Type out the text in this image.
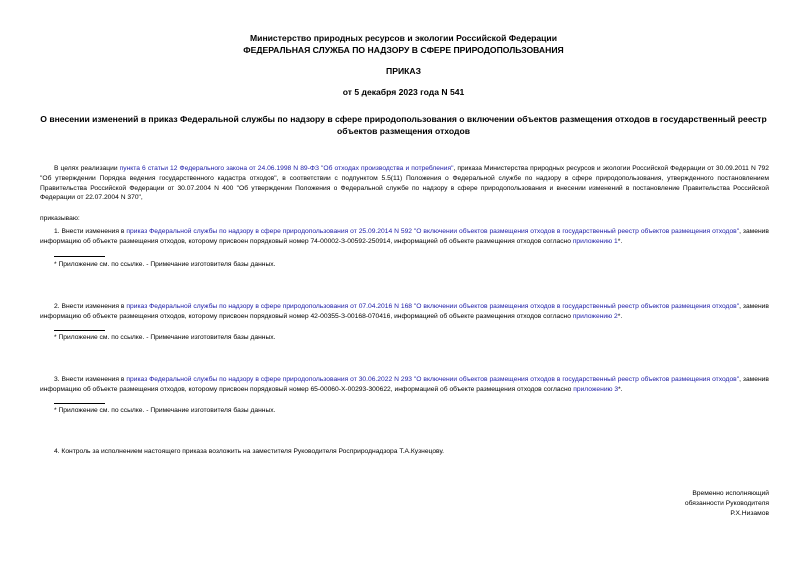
Министерство природных ресурсов и экологии Российской Федерации
ФЕДЕРАЛЬНАЯ СЛУЖБА ПО НАДЗОРУ В СФЕРЕ ПРИРОДОПОЛЬЗОВАНИЯ
ПРИКАЗ
от 5 декабря 2023 года N 541
О внесении изменений в приказ Федеральной службы по надзору в сфере природопользования о включении объектов размещения отходов в государственный реестр объектов размещения отходов
В целях реализации пункта 6 статьи 12 Федерального закона от 24.06.1998 N 89-ФЗ "Об отходах производства и потребления", приказа Министерства природных ресурсов и экологии Российской Федерации от 30.09.2011 N 792 "Об утверждении Порядка ведения государственного кадастра отходов", в соответствии с подпунктом 5.5(11) Положения о Федеральной службе по надзору в сфере природопользования, утвержденного постановлением Правительства Российской Федерации от 30.07.2004 N 400 "Об утверждении Положения о Федеральной службе по надзору в сфере природопользования и внесении изменений в постановление Правительства Российской Федерации от 22.07.2004 N 370",
приказываю:
1. Внести изменения в приказ Федеральной службы по надзору в сфере природопользования от 25.09.2014 N 592 "О включении объектов размещения отходов в государственный реестр объектов размещения отходов", заменив информацию об объекте размещения отходов, которому присвоен порядковый номер 74-00002-З-00592-250914, информацией об объекте размещения отходов согласно приложению 1*.
* Приложение см. по ссылке. - Примечание изготовителя базы данных.
2. Внести изменения в приказ Федеральной службы по надзору в сфере природопользования от 07.04.2016 N 168 "О включении объектов размещения отходов в государственный реестр объектов размещения отходов", заменив информацию об объекте размещения отходов, которому присвоен порядковый номер 42-00355-З-00168-070416, информацией об объекте размещения отходов согласно приложению 2*.
* Приложение см. по ссылке. - Примечание изготовителя базы данных.
3. Внести изменения в приказ Федеральной службы по надзору в сфере природопользования от 30.06.2022 N 293 "О включении объектов размещения отходов в государственный реестр объектов размещения отходов", заменив информацию об объекте размещения отходов, которому присвоен порядковый номер 65-00060-Х-00293-300622, информацией об объекте размещения отходов согласно приложению 3*.
* Приложение см. по ссылке. - Примечание изготовителя базы данных.
4. Контроль за исполнением настоящего приказа возложить на заместителя Руководителя Росприроднадзора Т.А.Кузнецову.
Временно исполняющий
обязанности Руководителя
Р.Х.Низамов
